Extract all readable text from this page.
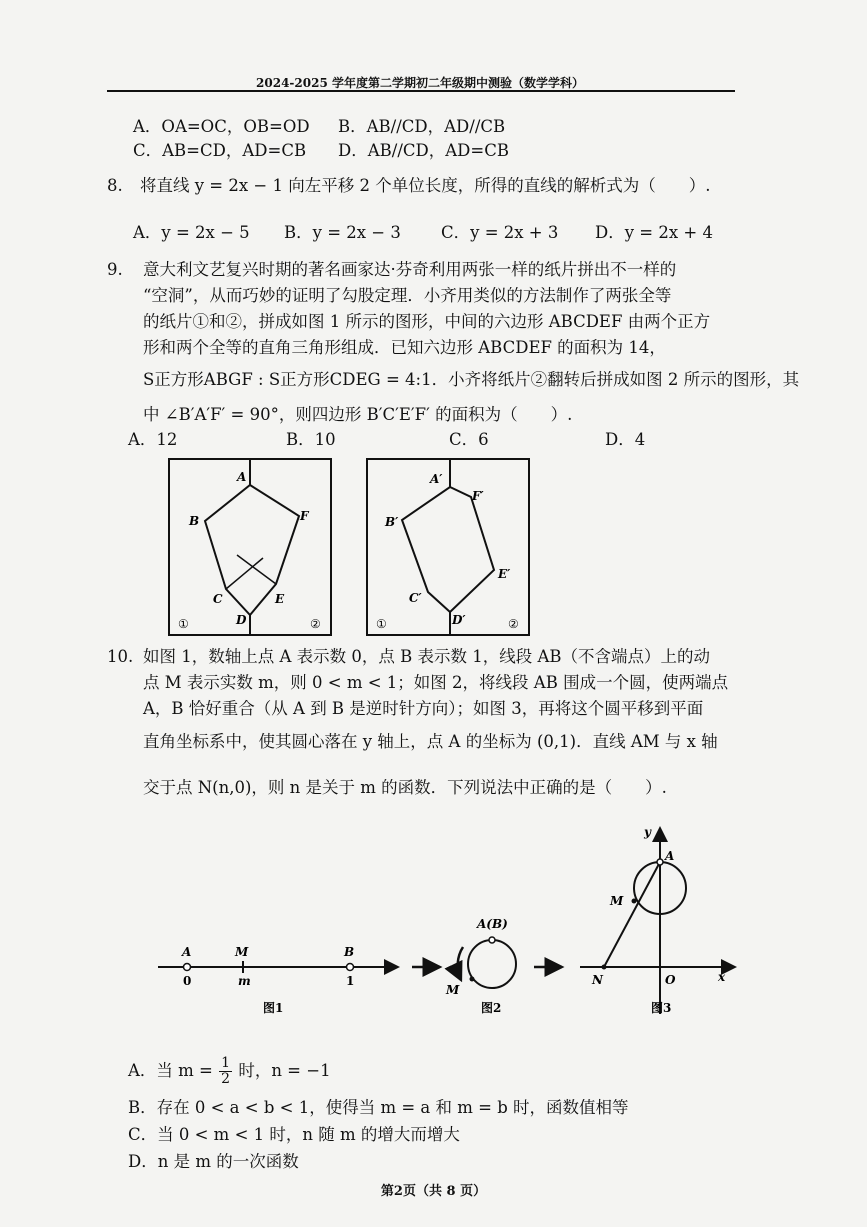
2024-2025 学年度第二学期初二年级期中测验（数学学科）
A．OA=OC，OB=OD B．AB//CD，AD//CB
C．AB=CD，AD=CB D．AB//CD，AD=CB
8. 将直线 y = 2x − 1 向左平移 2 个单位长度，所得的直线的解析式为（　　）.
A．y = 2x − 5 B．y = 2x − 3 C．y = 2x + 3 D．y = 2x + 4
9. 意大利文艺复兴时期的著名画家达·芬奇利用两张一样的纸片拼出不一样的
“空洞”，从而巧妙的证明了勾股定理．小齐用类似的方法制作了两张全等
的纸片①和②，拼成如图 1 所示的图形，中间的六边形 ABCDEF 由两个正方
形和两个全等的直角三角形组成．已知六边形 ABCDEF 的面积为 14，
S正方形ABGF : S正方形CDEG = 4:1．小齐将纸片②翻转后拼成如图 2 所示的图形，其
中 ∠B′A′F′ = 90°，则四边形 B′C′E′F′ 的面积为（　　）.
A．12	B．10	C．6	D．4
A
B	F
C	E
D
①	②
A′
F′
B′
E′
C′
D′
①	②
10. 如图 1，数轴上点 A 表示数 0，点 B 表示数 1，线段 AB（不含端点）上的动
点 M 表示实数 m，则 0 < m < 1；如图 2，将线段 AB 围成一个圆，使两端点
A，B 恰好重合（从 A 到 B 是逆时针方向）；如图 3，再将这个圆平移到平面
直角坐标系中，使其圆心落在 y 轴上，点 A 的坐标为 (0,1)．直线 AM 与 x 轴
交于点 N(n,0)，则 n 是关于 m 的函数．下列说法中正确的是（　　）.
A	M	B
0	m	1
图1
A(B)
M
图2
y
A
M
N	O	x
图3
A．当 $m = \frac{1}{2}$ 时，n = −1
B．存在 0 < a < b < 1，使得当 m = a 和 m = b 时，函数值相等
C．当 0 < m < 1 时，n 随 m 的增大而增大
D．n 是 m 的一次函数
第2页（共 8 页）
